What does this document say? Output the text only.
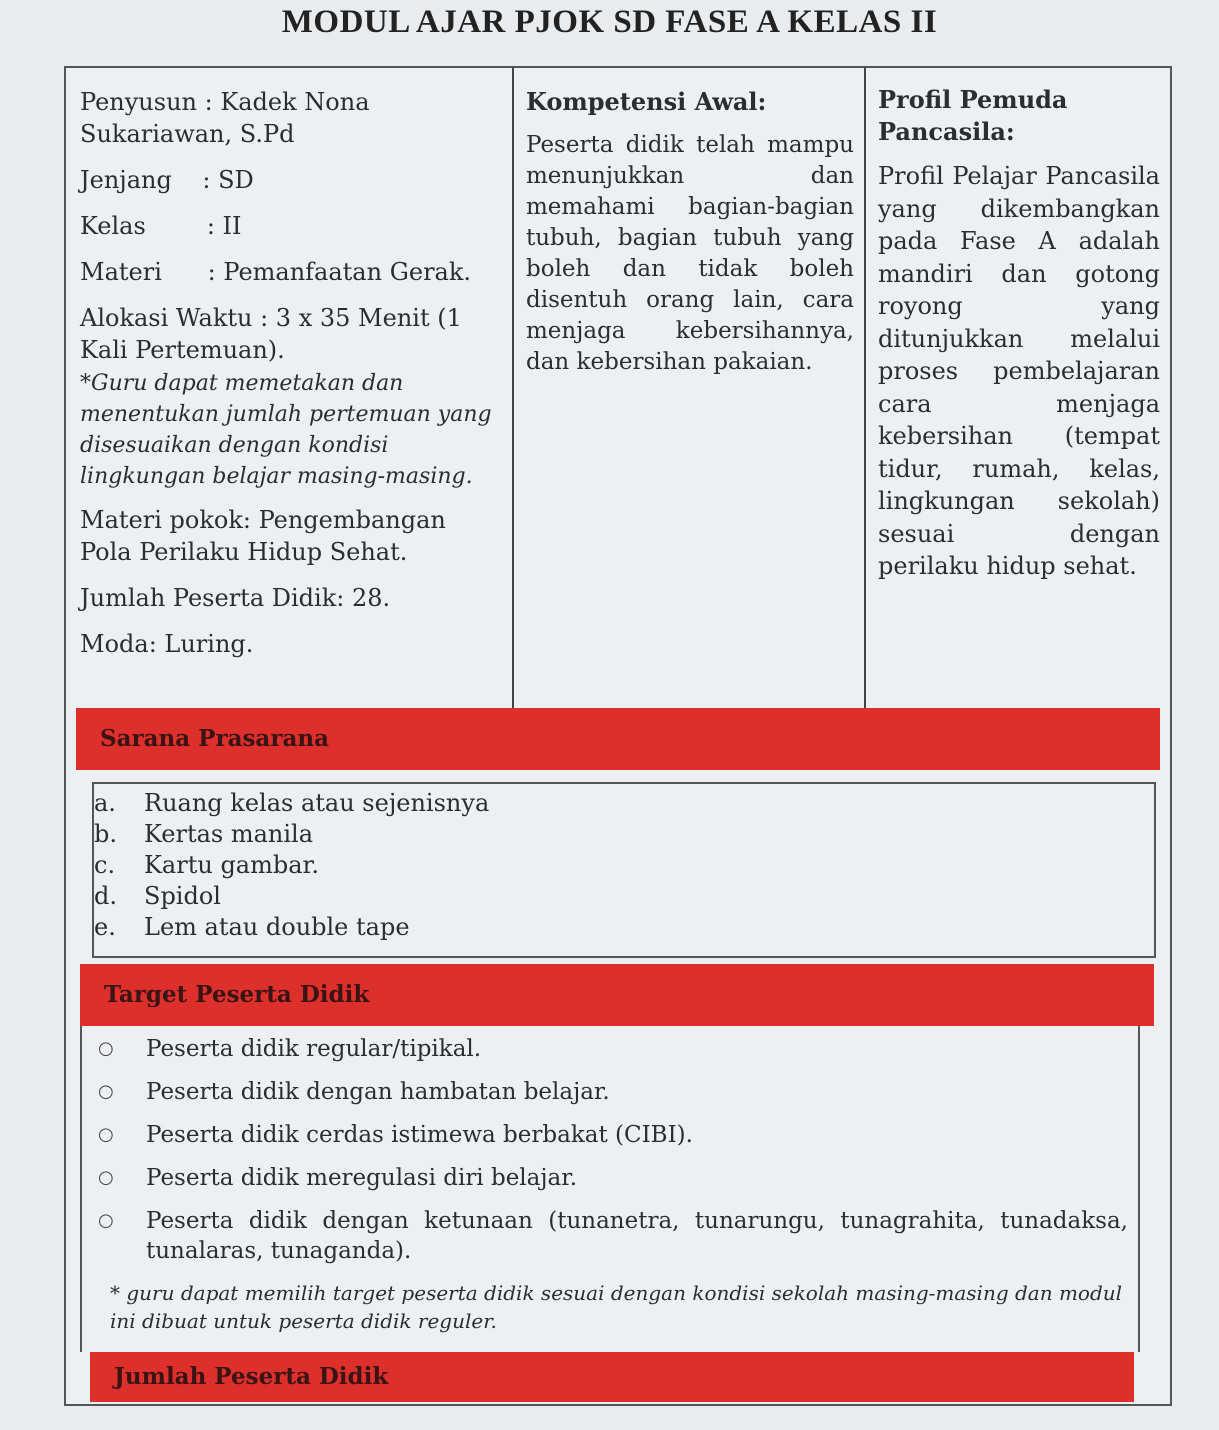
MODUL AJAR PJOK SD FASE A KELAS II

Penyusun : Kadek Nona Sukariawan, S.Pd

Jenjang    : SD

Kelas        : II

Materi      : Pemanfaatan Gerak.

Alokasi Waktu : 3 x 35 Menit (1 Kali Pertemuan).

*Guru dapat memetakan dan menentukan jumlah pertemuan yang disesuaikan dengan kondisi lingkungan belajar masing-masing.

Materi pokok: Pengembangan Pola Perilaku Hidup Sehat.

Jumlah Peserta Didik: 28.

Moda: Luring.

Kompetensi Awal:

Peserta didik telah mampu menunjukkan dan memahami bagian-bagian tubuh, bagian tubuh yang boleh dan tidak boleh disentuh orang lain, cara menjaga kebersihannya, dan kebersihan pakaian.

Profil Pemuda Pancasila:

Profil Pelajar Pancasila yang dikembangkan pada Fase A adalah mandiri dan gotong royong yang ditunjukkan melalui proses pembelajaran cara menjaga kebersihan (tempat tidur, rumah, kelas, lingkungan sekolah) sesuai dengan perilaku hidup sehat.

Sarana Prasarana
a. Ruang kelas atau sejenisnya
b. Kertas manila
c. Kartu gambar.
d. Spidol
e. Lem atau double tape
Target Peserta Didik
○ Peserta didik regular/tipikal.
○ Peserta didik dengan hambatan belajar.
○ Peserta didik cerdas istimewa berbakat (CIBI).
○ Peserta didik meregulasi diri belajar.
○ Peserta didik dengan ketunaan (tunanetra, tunarungu, tunagrahita, tunadaksa, tunalaras, tunaganda).
* guru dapat memilih target peserta didik sesuai dengan kondisi sekolah masing-masing dan modul ini dibuat untuk peserta didik reguler.
Jumlah Peserta Didik
